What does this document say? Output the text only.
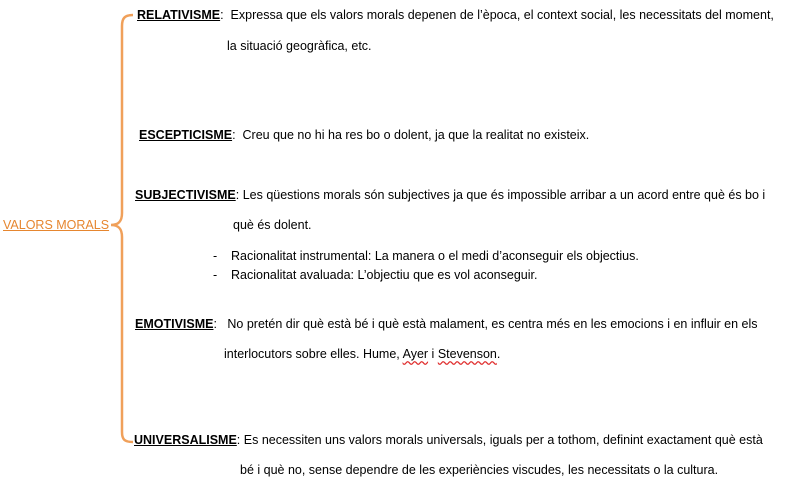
VALORS MORALS
RELATIVISME: Expressa que els valors morals depenen de l’època, el context social, les necessitats del moment,
la situació geogràfica, etc.
ESCEPTICISME: Creu que no hi ha res bo o dolent, ja que la realitat no existeix.
SUBJECTIVISME: Les qüestions morals són subjectives ja que és impossible arribar a un acord entre què és bo i
què és dolent.
- Racionalitat instrumental: La manera o el medi d’aconseguir els objectius.
- Racionalitat avaluada: L’objectiu que es vol aconseguir.
EMOTIVISME: No pretén dir què està bé i què està malament, es centra més en les emocions i en influir en els
interlocutors sobre elles. Hume, Ayer i Stevenson.
UNIVERSALISME: Es necessiten uns valors morals universals, iguals per a tothom, definint exactament què està
bé i què no, sense dependre de les experiències viscudes, les necessitats o la cultura.
